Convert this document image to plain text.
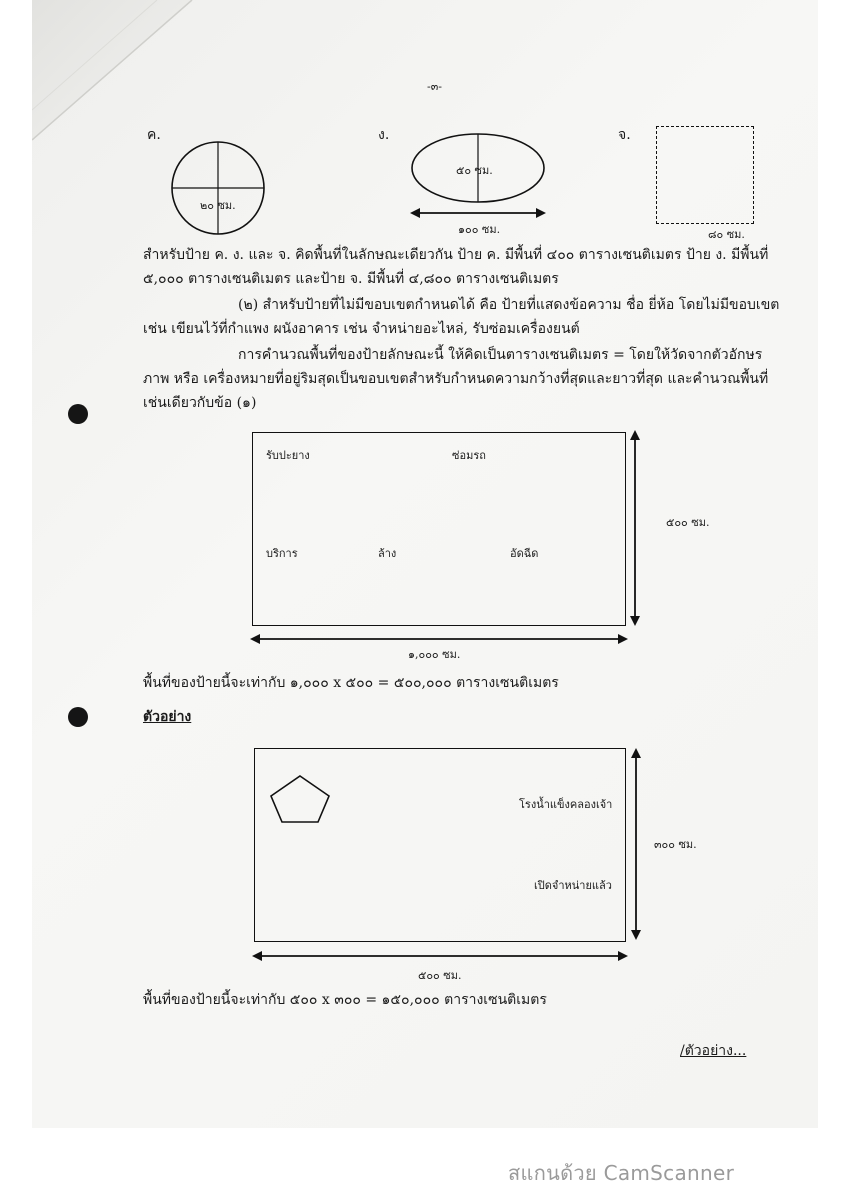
-๓-
ค.	ง.	จ.
๒๐ ซม.
๕๐ ซม.
๑๐๐ ซม.	๘๐ ซม.
สำหรับป้าย ค. ง. และ จ. คิดพื้นที่ในลักษณะเดียวกัน ป้าย ค. มีพื้นที่ ๔๐๐ ตารางเซนติเมตร ป้าย ง. มีพื้นที่
๕,๐๐๐ ตารางเซนติเมตร และป้าย จ. มีพื้นที่ ๔,๘๐๐ ตารางเซนติเมตร
(๒) สำหรับป้ายที่ไม่มีขอบเขตกำหนดได้ คือ ป้ายที่แสดงข้อความ ชื่อ ยี่ห้อ โดยไม่มีขอบเขต
เช่น เขียนไว้ที่กำแพง ผนังอาคาร เช่น จำหน่ายอะไหล่, รับซ่อมเครื่องยนต์
การคำนวณพื้นที่ของป้ายลักษณะนี้ ให้คิดเป็นตารางเซนติเมตร = โดยให้วัดจากตัวอักษร
ภาพ หรือ เครื่องหมายที่อยู่ริมสุดเป็นขอบเขตสำหรับกำหนดความกว้างที่สุดและยาวที่สุด และคำนวณพื้นที่
เช่นเดียวกับข้อ (๑)
รับปะยาง	ซ่อมรถ
บริการ	ล้าง	อัดฉีด
๕๐๐ ซม.
๑,๐๐๐ ซม.
พื้นที่ของป้ายนี้จะเท่ากับ ๑,๐๐๐ x ๕๐๐ = ๕๐๐,๐๐๐ ตารางเซนติเมตร
ตัวอย่าง
โรงน้ำแข็งคลองเจ้า
เปิดจำหน่ายแล้ว
๓๐๐ ซม.
๕๐๐ ซม.
พื้นที่ของป้ายนี้จะเท่ากับ ๕๐๐ x ๓๐๐ = ๑๕๐,๐๐๐ ตารางเซนติเมตร
/ตัวอย่าง...
สแกนด้วย CamScanner
